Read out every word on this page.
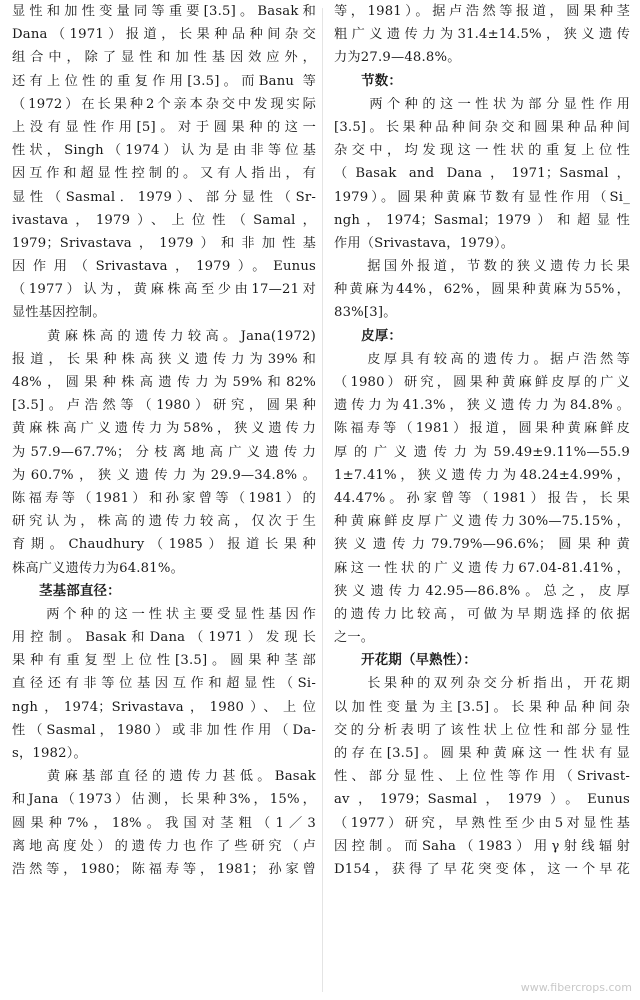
显性和加性变量同等重要[3.5]。Basak和
Dana（1971）报道，长果种品种间杂交
组合中，除了显性和加性基因效应外，
还有上位性的重复作用[3.5]。而Banu 等
（1972）在长果种2个亲本杂交中发现实际
上没有显性作用[5]。对于圆果种的这一
性状，Singh（1974）认为是由非等位基
因互作和超显性控制的。又有人指出，有
显性（Sasmal．1979）、部分显性（Sr-
ivastava，1979）、上位性（Samal，
1979；Srivastava，1979）和非加性基
因作用（Srivastava，1979）。Eunus
（1977）认为，黄麻株高至少由17—21对
显性基因控制。
　　黄麻株高的遗传力较高。Jana(1972)
报道，长果种株高狭义遗传力为39%和
48%，圆果种株高遗传力为59%和82%
[3.5]。卢浩然等（1980）研究，圆果种
黄麻株高广义遗传力为58%，狭义遗传力
为57.9—67.7%；分枝离地高广义遗传力
为60.7%，狭义遗传力为29.9—34.8%。
陈福寿等（1981）和孙家曾等（1981）的
研究认为，株高的遗传力较高，仅次于生
育期。Chaudhury（1985）报道长果种
株高广义遗传力为64.81%。
　　茎基部直径：
　　两个种的这一性状主要受显性基因作
用控制。Basak和Dana（1971）发现长
果种有重复型上位性[3.5]。圆果种茎部
直径还有非等位基因互作和超显性（Si-
ngh，1974；Srivastava，1980）、上位
性（Sasmal，1980）或非加性作用（Da-
s，1982）。
　　黄麻基部直径的遗传力甚低。Basak
和Jana（1973）估测，长果种3%，15%，
圆果种7%，18%。我国对茎粗（1／3
离地高度处）的遗传力也作了些研究（卢
浩然等，1980；陈福寿等，1981；孙家曾
等，1981）。据卢浩然等报道，圆果种茎
粗广义遗传力为31.4±14.5%，狭义遗传
力为27.9—48.8%。
　　节数：
　　两个种的这一性状为部分显性作用
[3.5]。长果种品种间杂交和圆果种品种间
杂交中，均发现这一性状的重复上位性
（Basak and Dana，1971；Sasmal，
1979）。圆果种黄麻节数有显性作用（Si_
ngh，1974；Sasmal；1979）和超显性
作用（Srivastava，1979）。
　　据国外报道，节数的狭义遗传力长果
种黄麻为44%，62%，圆果种黄麻为55%，
83%[3]。
　　皮厚：
　　皮厚具有较高的遗传力。据卢浩然等
（1980）研究，圆果种黄麻鲜皮厚的广义
遗传力为41.3%，狭义遗传力为84.8%。
陈福寿等（1981）报道，圆果种黄麻鲜皮
厚的广义遗传力为59.49±9.11%—55.9
1±7.41%，狭义遗传力为48.24±4.99%，
44.47%。孙家曾等（1981）报告，长果
种黄麻鲜皮厚广义遗传力30%—75.15%，
狭义遗传力79.79%—96.6%；圆果种黄
麻这一性状的广义遗传力67.04-81.41%，
狭义遗传力42.95—86.8%。总之，皮厚
的遗传力比较高，可做为早期选择的依据
之一。
　　开花期（早熟性）：
　　长果种的双列杂交分析指出，开花期
以加性变量为主[3.5]。长果种品种间杂
交的分析表明了该性状上位性和部分显性
的存在[3.5]。圆果种黄麻这一性状有显
性、部分显性、上位性等作用（Srivast-
av，1979；Sasmal，1979）。Eunus
（1977）研究，早熟性至少由5对显性基
因控制。而Saha（1983）用γ射线辐射
D154，获得了早花突变体，这一个早花
www.fibercrops.com
